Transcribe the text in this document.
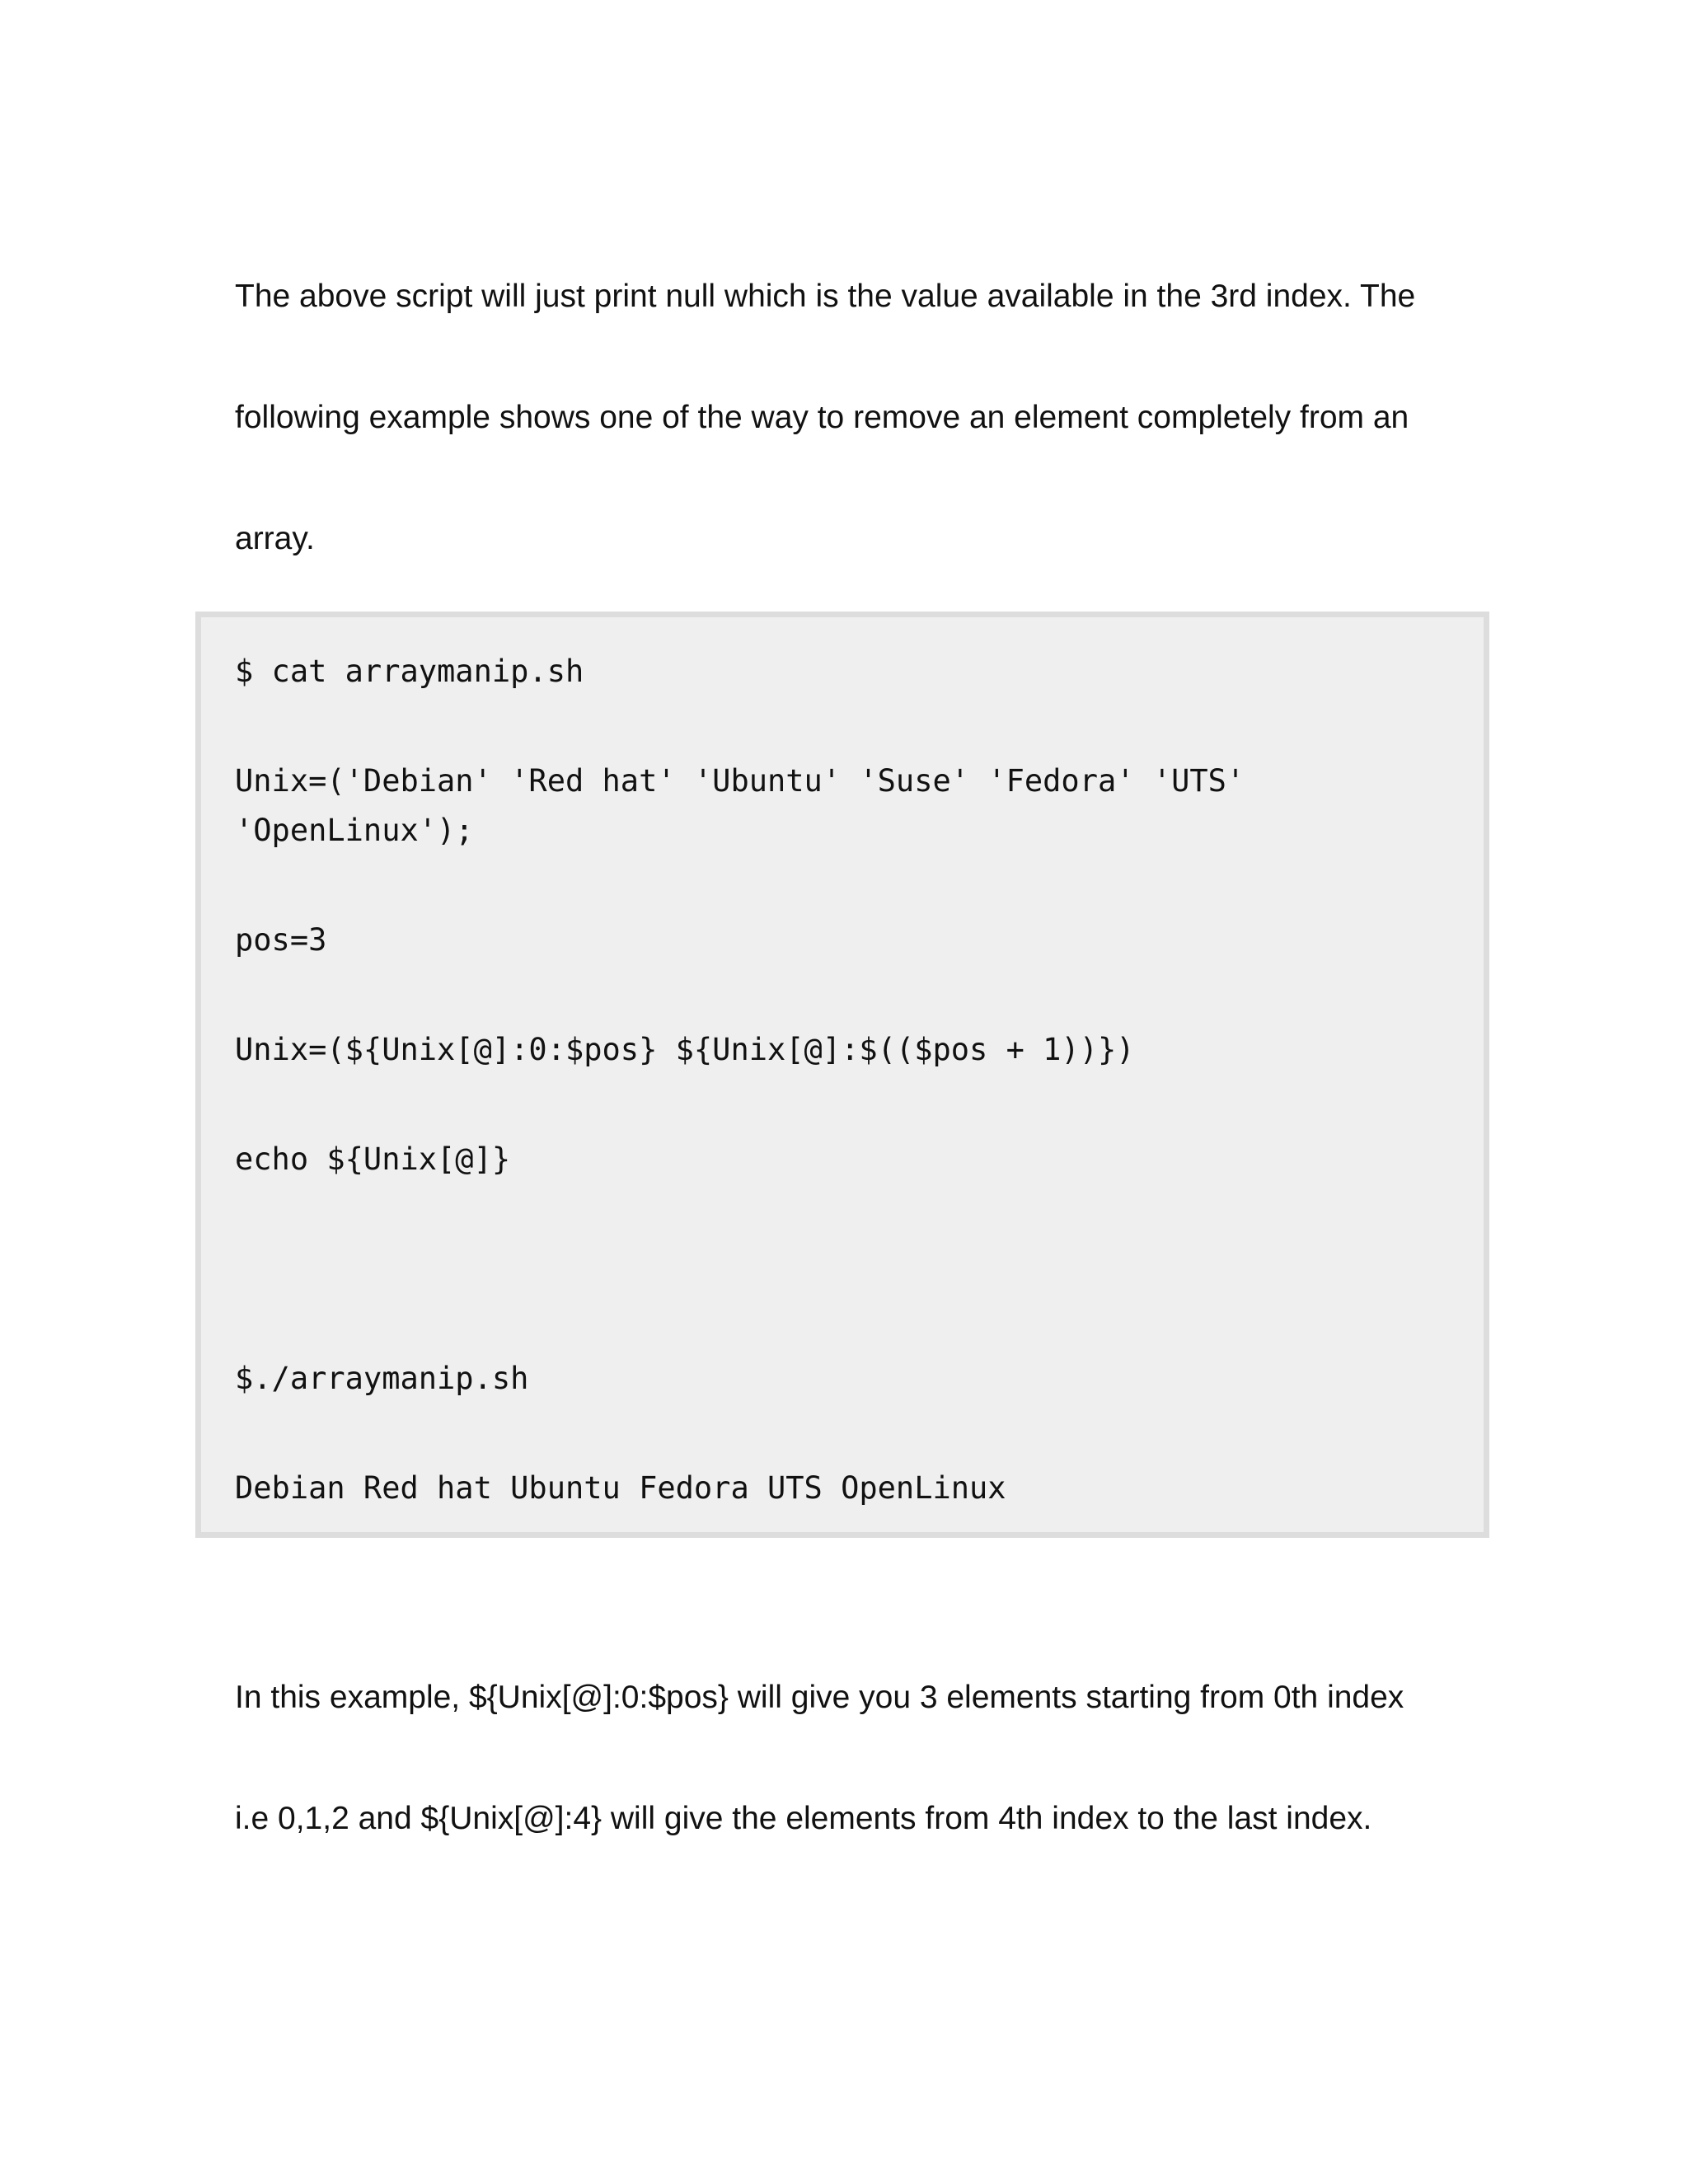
The above script will just print null which is the value available in the 3rd index. The
following example shows one of the way to remove an element completely from an
array.
$ cat arraymanip.sh
Unix=('Debian' 'Red hat' 'Ubuntu' 'Suse' 'Fedora' 'UTS'
'OpenLinux');
pos=3
Unix=(${Unix[@]:0:$pos} ${Unix[@]:$(($pos + 1))})
echo ${Unix[@]}
$./arraymanip.sh
Debian Red hat Ubuntu Fedora UTS OpenLinux
In this example, ${Unix[@]:0:$pos} will give you 3 elements starting from 0th index
i.e 0,1,2 and ${Unix[@]:4} will give the elements from 4th index to the last index.
